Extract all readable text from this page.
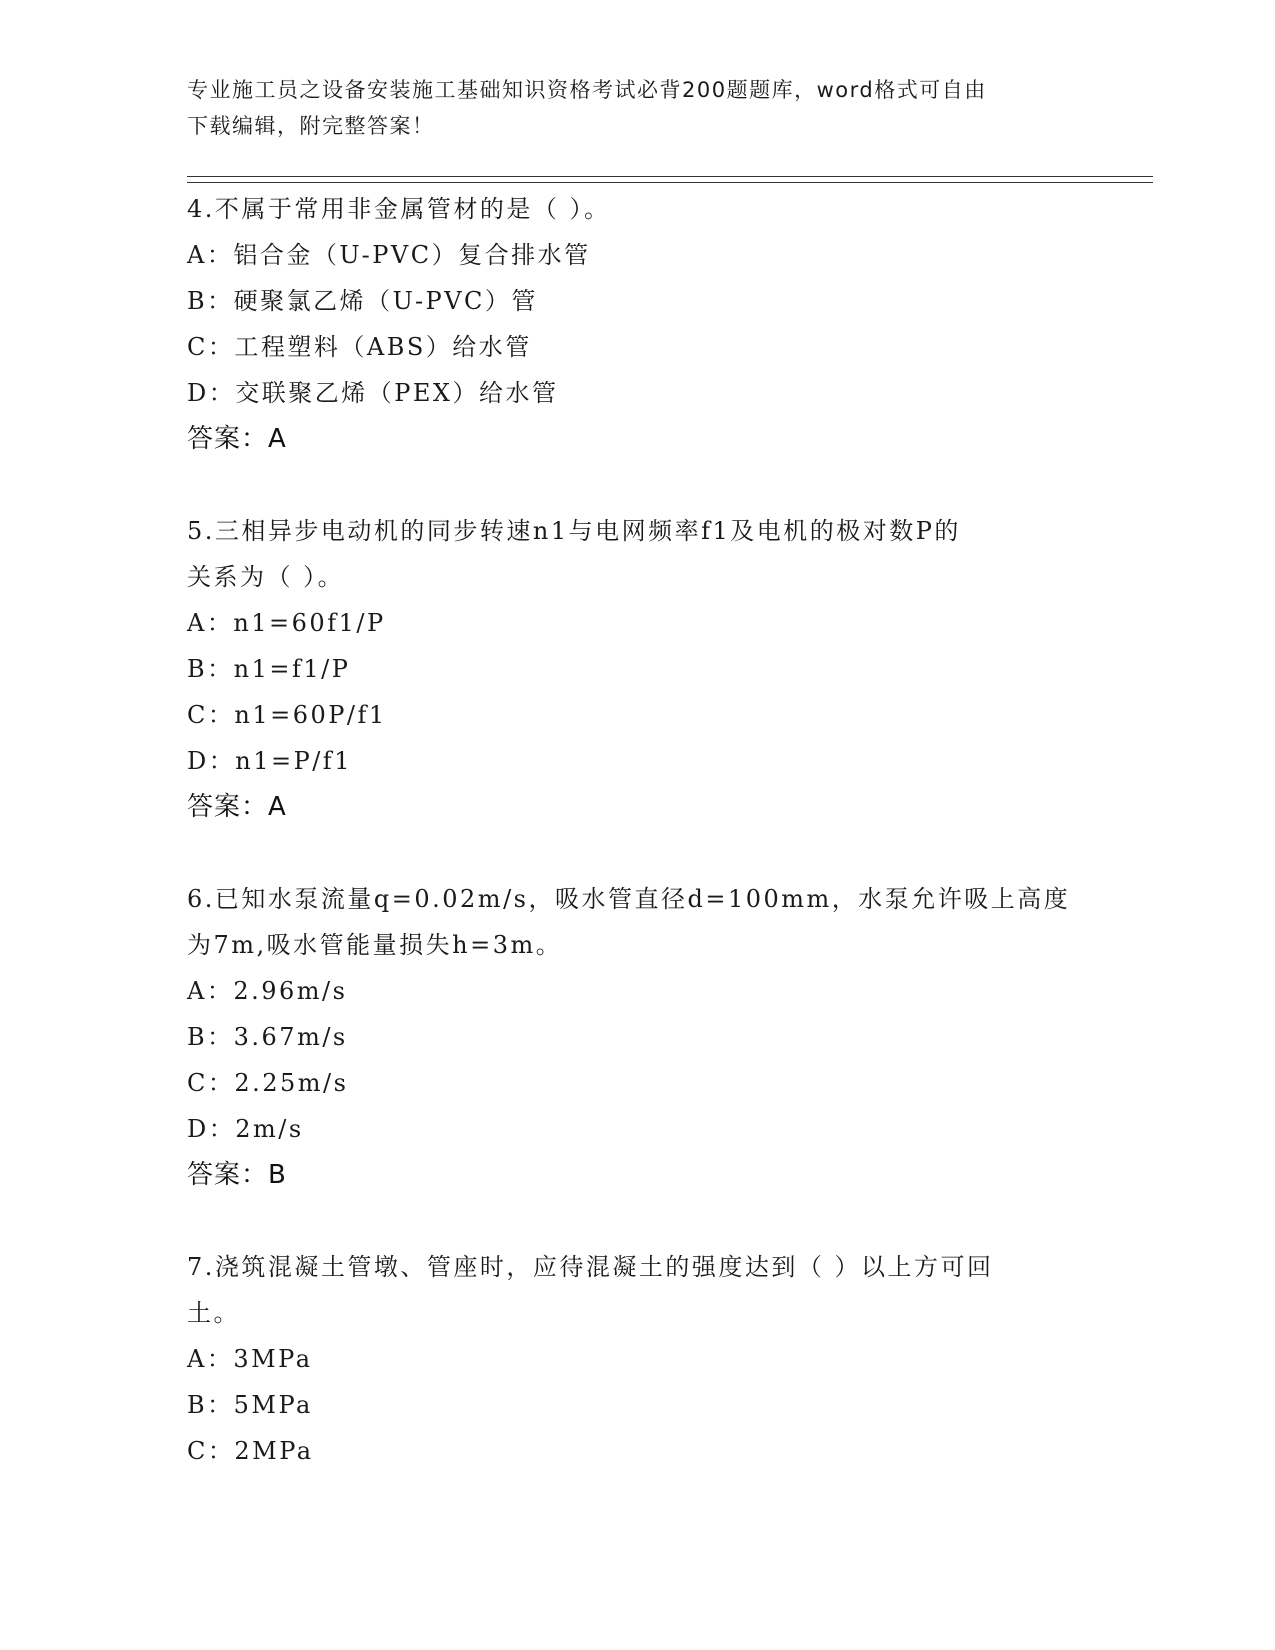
专业施工员之设备安装施工基础知识资格考试必背200题题库，word格式可自由
下载编辑，附完整答案！
4.不属于常用非金属管材的是（ ）。
A：铝合金（U-PVC）复合排水管
B：硬聚氯乙烯（U-PVC）管
C：工程塑料（ABS）给水管
D：交联聚乙烯（PEX）给水管
答案：A
5.三相异步电动机的同步转速n1与电网频率f1及电机的极对数P的
关系为（ ）。
A：n1=60f1/P
B：n1=f1/P
C：n1=60P/f1
D：n1=P/f1
答案：A
6.已知水泵流量q=0.02m/s，吸水管直径d=100mm，水泵允许吸上高度
为7m,吸水管能量损失h=3m。
A：2.96m/s
B：3.67m/s
C：2.25m/s
D：2m/s
答案：B
7.浇筑混凝土管墩、管座时，应待混凝土的强度达到（ ）以上方可回
土。
A：3MPa
B：5MPa
C：2MPa
